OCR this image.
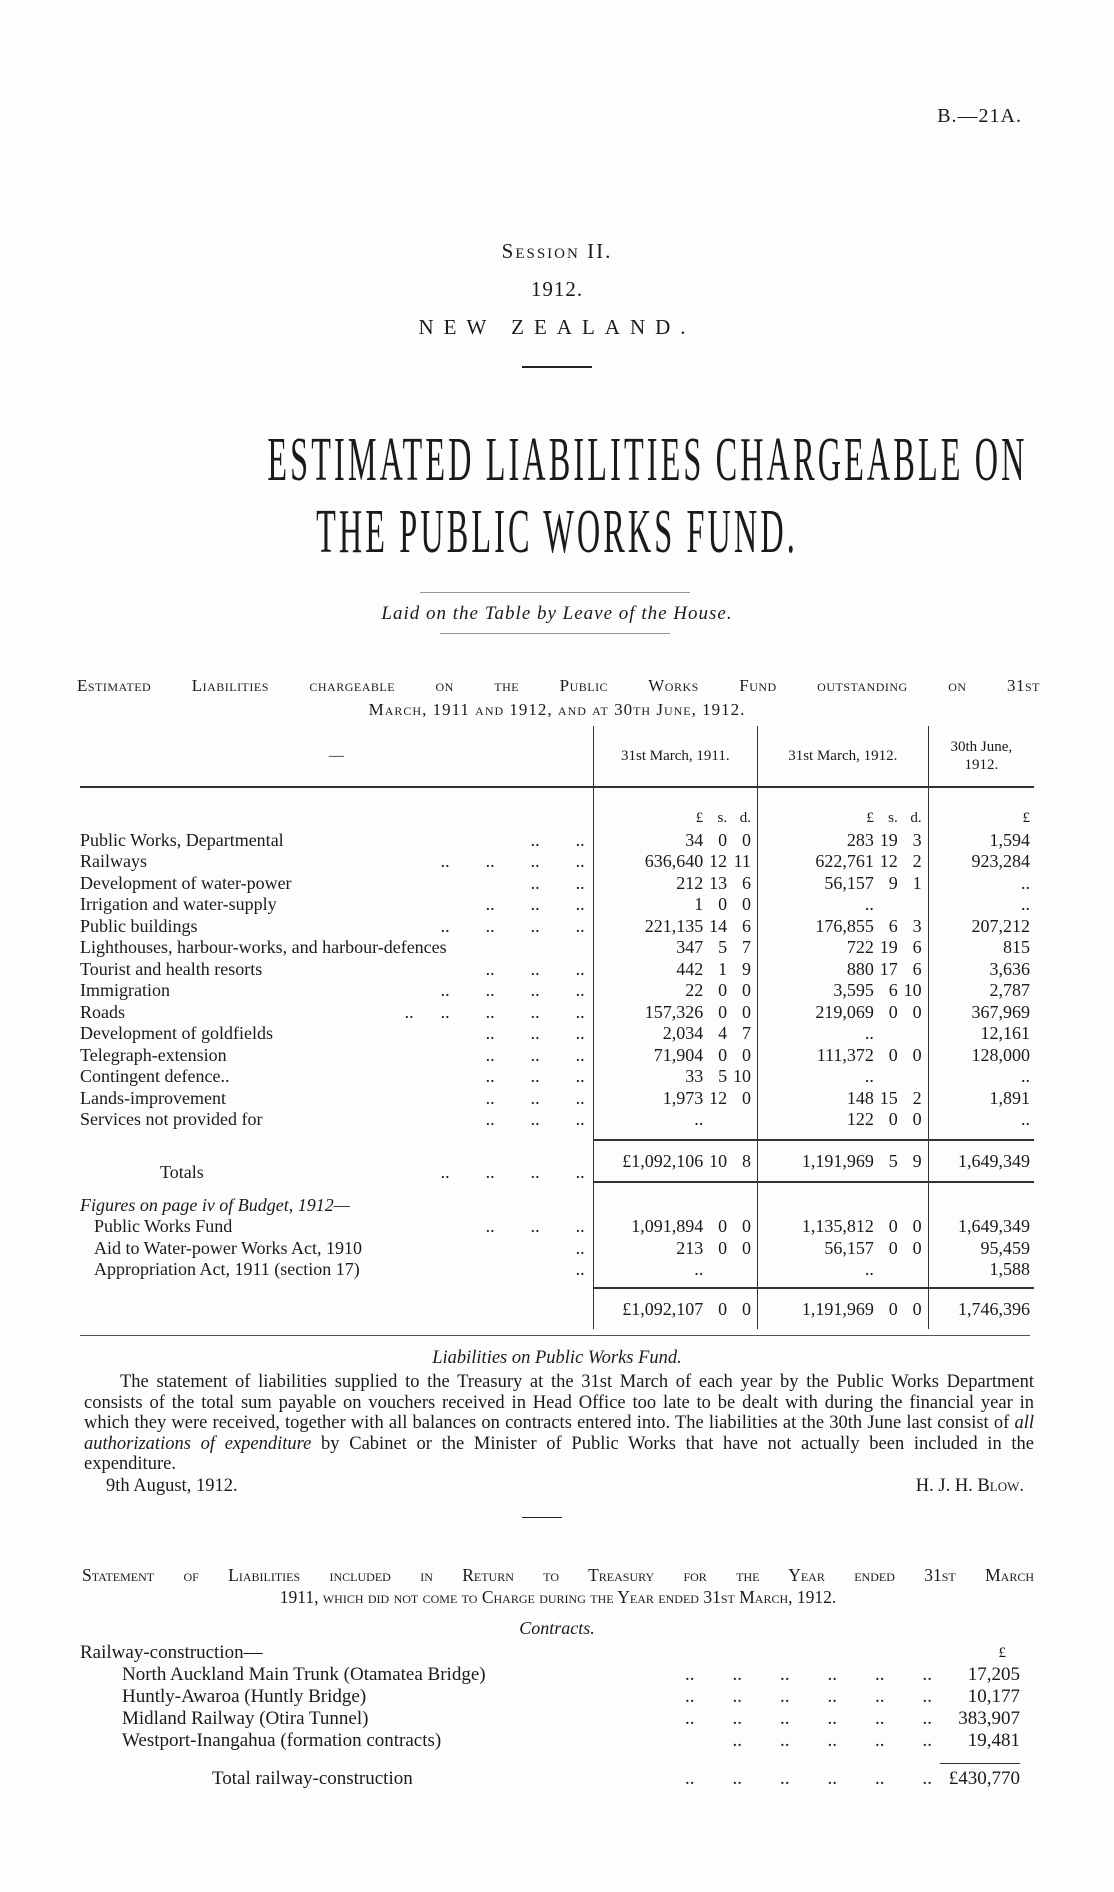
B.—21A.
Session II.
1912.
NEW ZEALAND.
ESTIMATED LIABILITIES CHARGEABLE ON
THE PUBLIC WORKS FUND.
Laid on the Table by Leave of the House.
Estimated Liabilities chargeable on the Public Works Fund outstanding on 31st
March, 1911 and 1912, and at 30th June, 1912.
—	31st March, 1911.			31st March, 1912.			30th June, 1912.
	£	s.	d.	£	s.	d.	£

Public Works, Departmental ..        ..	34	0	0	283	19	3	1,594

Railways ..        ..        ..        ..	636,640	12	11	622,761	12	2	923,284

Development of water-power ..        ..	212	13	6	56,157	9	1	..

Irrigation and water-supply ..        ..        ..	1	0	0	..			..

Public buildings ..        ..        ..        ..	221,135	14	6	176,855	6	3	207,212

Lighthouses, harbour-works, and harbour-defences	347	5	7	722	19	6	815

Tourist and health resorts ..        ..        ..	442	1	9	880	17	6	3,636

Immigration ..        ..        ..        ..	22	0	0	3,595	6	10	2,787

Roads ..      ..        ..        ..        ..	157,326	0	0	219,069	0	0	367,969

Development of goldfields ..        ..        ..	2,034	4	7	..			12,161

Telegraph-extension ..        ..        ..	71,904	0	0	111,372	0	0	128,000

Contingent defence.. ..        ..        ..	33	5	10	..			..

Lands-improvement ..        ..        ..	1,973	12	0	148	15	2	1,891

Services not provided for ..        ..        ..	..			122	0	0	..

Totals ..        ..        ..        ..	£1,092,106	10	8	1,191,969	5	9	1,649,349

Figures on page iv of Budget, 1912—							

Public Works Fund ..        ..        ..	1,091,894	0	0	1,135,812	0	0	1,649,349

Aid to Water-power Works Act, 1910 ..	213	0	0	56,157	0	0	95,459

Appropriation Act, 1911 (section 17) ..	..			..			1,588

	£1,092,107	0	0	1,191,969	0	0	1,746,396
Liabilities on Public Works Fund.

The statement of liabilities supplied to the Treasury at the 31st March of each year by the Public Works Department consists of the total sum payable on vouchers received in Head Office too late to be dealt with during the financial year in which they were received, together with all balances on contracts entered into. The liabilities at the 30th June last consist of all authorizations of expenditure by Cabinet or the Minister of Public Works that have not actually been included in the expenditure.

9th August, 1912.	H. J. H. Blow.
Statement of Liabilities included in Return to Treasury for the Year ended 31st March
1911, which did not come to Charge during the Year ended 31st March, 1912.
Contracts.
Railway-construction—	£

North Auckland Main Trunk (Otamatea Bridge) ..        ..        ..        ..        ..        ..	17,205

Huntly-Awaroa (Huntly Bridge) ..        ..        ..        ..        ..        ..	10,177

Midland Railway (Otira Tunnel) ..        ..        ..        ..        ..        ..	383,907

Westport-Inangahua (formation contracts) ..        ..        ..        ..        ..	19,481

Total railway-construction ..        ..        ..        ..        ..        ..	£430,770
